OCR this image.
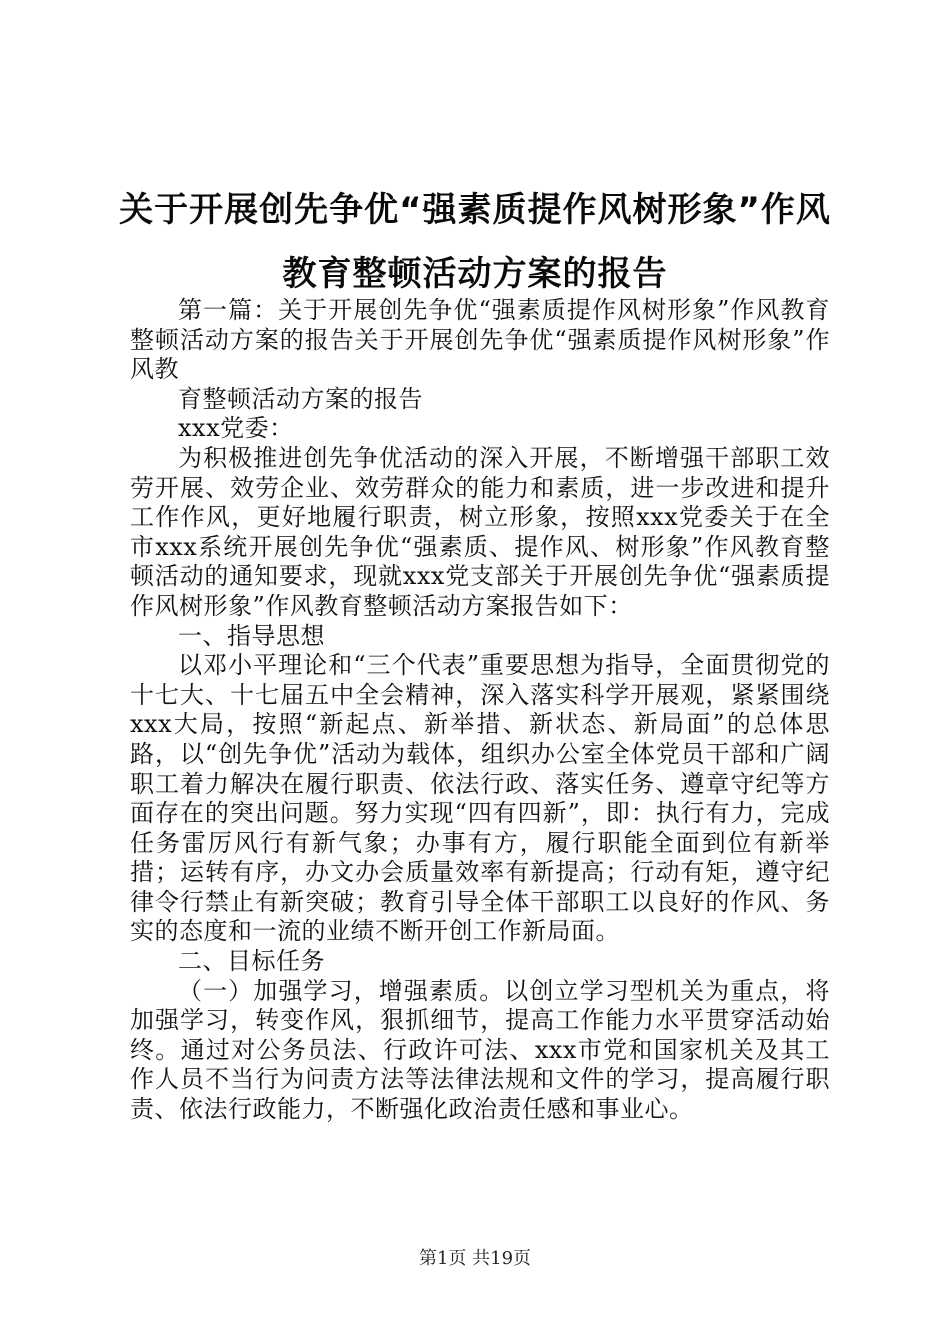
关于开展创先争优“强素质提作风树形象”作风教育整顿活动方案的报告

第一篇：关于开展创先争优“强素质提作风树形象”作风教育整顿活动方案的报告关于开展创先争优“强素质提作风树形象”作风教

育整顿活动方案的报告

xxx党委：

为积极推进创先争优活动的深入开展，不断增强干部职工效劳开展、效劳企业、效劳群众的能力和素质，进一步改进和提升工作作风，更好地履行职责，树立形象，按照xxx党委关于在全市xxx系统开展创先争优“强素质、提作风、树形象”作风教育整顿活动的通知要求，现就xxx党支部关于开展创先争优“强素质提作风树形象”作风教育整顿活动方案报告如下：

一、指导思想

以邓小平理论和“三个代表”重要思想为指导，全面贯彻党的十七大、十七届五中全会精神，深入落实科学开展观，紧紧围绕xxx大局，按照“新起点、新举措、新状态、新局面”的总体思路，以“创先争优”活动为载体，组织办公室全体党员干部和广阔职工着力解决在履行职责、依法行政、落实任务、遵章守纪等方面存在的突出问题。努力实现“四有四新”，即：执行有力，完成任务雷厉风行有新气象；办事有方，履行职能全面到位有新举措；运转有序，办文办会质量效率有新提高；行动有矩，遵守纪律令行禁止有新突破；教育引导全体干部职工以良好的作风、务实的态度和一流的业绩不断开创工作新局面。

二、目标任务

（一）加强学习，增强素质。以创立学习型机关为重点，将加强学习，转变作风，狠抓细节，提高工作能力水平贯穿活动始终。通过对公务员法、行政许可法、xxx市党和国家机关及其工作人员不当行为问责方法等法律法规和文件的学习，提高履行职责、依法行政能力，不断强化政治责任感和事业心。

第1页 共19页
